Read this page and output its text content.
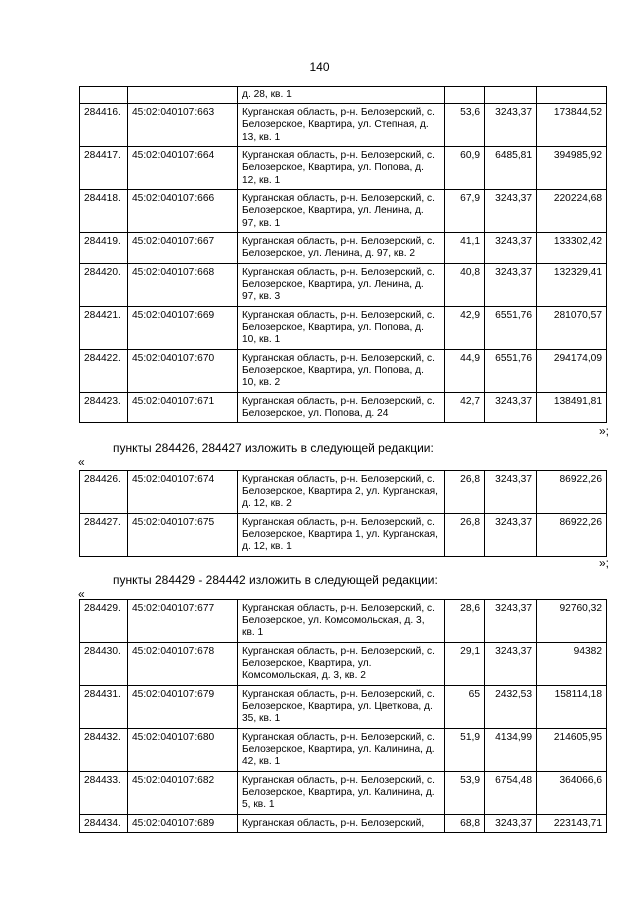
140
		д. 28, кв. 1			
284416.	45:02:040107:663	Курганская область, р-н. Белозерский, с. Белозерское, Квартира, ул. Степная, д. 13, кв. 1	53,6	3243,37	173844,52
284417.	45:02:040107:664	Курганская область, р-н. Белозерский, с. Белозерское, Квартира, ул. Попова, д. 12, кв. 1	60,9	6485,81	394985,92
284418.	45:02:040107:666	Курганская область, р-н. Белозерский, с. Белозерское, Квартира, ул. Ленина, д. 97, кв. 1	67,9	3243,37	220224,68
284419.	45:02:040107:667	Курганская область, р-н. Белозерский, с. Белозерское, ул. Ленина, д. 97, кв. 2	41,1	3243,37	133302,42
284420.	45:02:040107:668	Курганская область, р-н. Белозерский, с. Белозерское, Квартира, ул. Ленина, д. 97, кв. 3	40,8	3243,37	132329,41
284421.	45:02:040107:669	Курганская область, р-н. Белозерский, с. Белозерское, Квартира, ул. Попова, д. 10, кв. 1	42,9	6551,76	281070,57
284422.	45:02:040107:670	Курганская область, р-н. Белозерский, с. Белозерское, Квартира, ул. Попова, д. 10, кв. 2	44,9	6551,76	294174,09
284423.	45:02:040107:671	Курганская область, р-н. Белозерский, с. Белозерское, ул. Попова, д. 24	42,7	3243,37	138491,81
»;
пункты 284426, 284427 изложить в следующей редакции:
«
284426.	45:02:040107:674	Курганская область, р-н. Белозерский, с. Белозерское, Квартира 2, ул. Курганская, д. 12, кв. 2	26,8	3243,37	86922,26
284427.	45:02:040107:675	Курганская область, р-н. Белозерский, с. Белозерское, Квартира 1, ул. Курганская, д. 12, кв. 1	26,8	3243,37	86922,26
»;
пункты 284429 - 284442 изложить в следующей редакции:
«
284429.	45:02:040107:677	Курганская область, р-н. Белозерский, с. Белозерское, ул. Комсомольская, д. 3, кв. 1	28,6	3243,37	92760,32
284430.	45:02:040107:678	Курганская область, р-н. Белозерский, с. Белозерское, Квартира, ул. Комсомольская, д. 3, кв. 2	29,1	3243,37	94382
284431.	45:02:040107:679	Курганская область, р-н. Белозерский, с. Белозерское, Квартира, ул. Цветкова, д. 35, кв. 1	65	2432,53	158114,18
284432.	45:02:040107:680	Курганская область, р-н. Белозерский, с. Белозерское, Квартира, ул. Калинина, д. 42, кв. 1	51,9	4134,99	214605,95
284433.	45:02:040107:682	Курганская область, р-н. Белозерский, с. Белозерское, Квартира, ул. Калинина, д. 5, кв. 1	53,9	6754,48	364066,6
284434.	45:02:040107:689	Курганская область, р-н. Белозерский,	68,8	3243,37	223143,71
